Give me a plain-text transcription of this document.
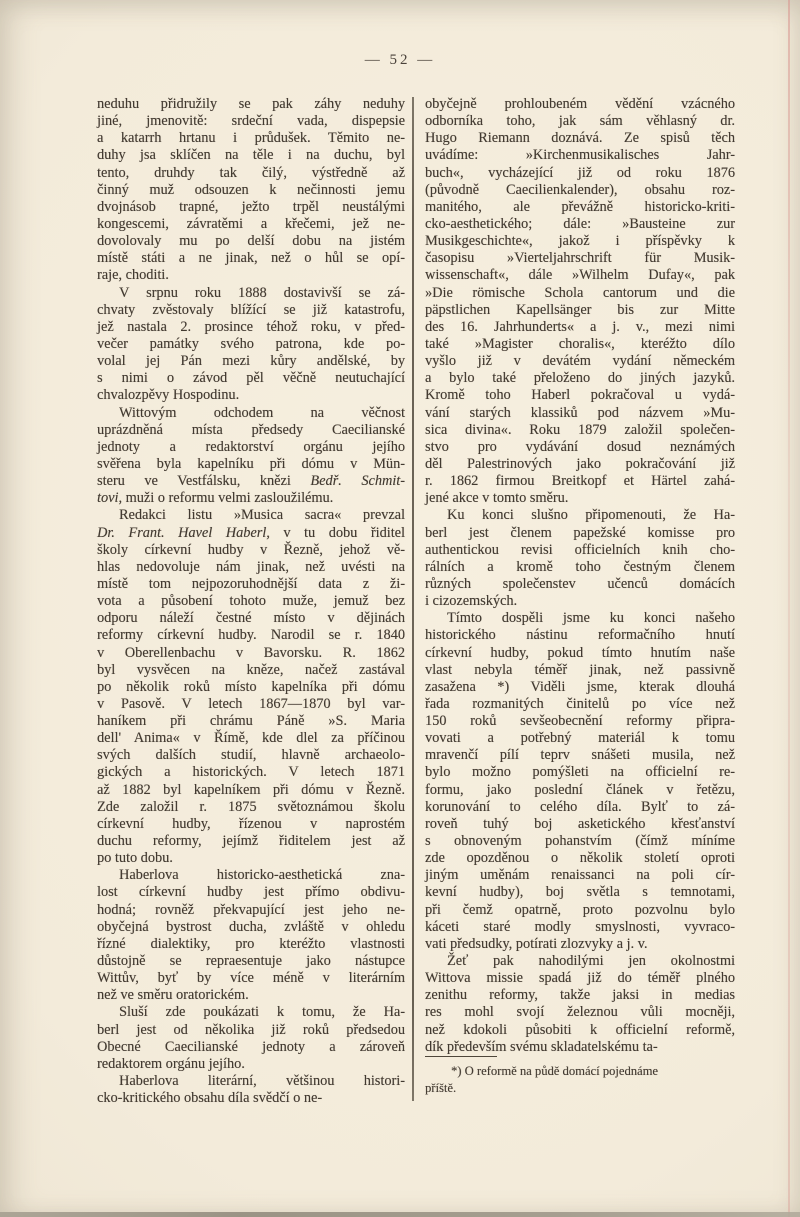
— 52 —
neduhu přidružily se pak záhy neduhy
jiné, jmenovitě: srdeční vada, dispepsie
a katarrh hrtanu i průdušek. Těmito ne-
duhy jsa sklíčen na těle i na duchu, byl
tento, druhdy tak čilý, výstředně až
činný muž odsouzen k nečinnosti jemu
dvojnásob trapné, ježto trpěl neustálými
kongescemi, závratěmi a křečemi, jež ne-
dovolovaly mu po delší dobu na jistém
místě státi a ne jinak, než o hůl se opí-
raje, choditi.
V srpnu roku 1888 dostavivší se zá-
chvaty zvěstovaly blížící se již katastrofu,
jež nastala 2. prosince téhož roku, v před-
večer památky svého patrona, kde po-
volal jej Pán mezi kůry andělské, by
s nimi o závod pěl věčně neutuchající
chvalozpěvy Hospodinu.
Wittovým odchodem na věčnost
uprázdněná místa předsedy Caecilianské
jednoty a redaktorství orgánu jejího
svěřena byla kapelníku při dómu v Mün-
steru ve Vestfálsku, knězi Bedř. Schmit-
tovi, muži o reformu velmi zasloužilému.
Redakci listu »Musica sacra« prevzal
Dr. Frant. Havel Haberl, v tu dobu řiditel
školy církevní hudby v Řezně, jehož vě-
hlas nedovoluje nám jinak, než uvésti na
místě tom nejpozoruhodnější data z ži-
vota a působení tohoto muže, jemuž bez
odporu náleží čestné místo v dějinách
reformy církevní hudby. Narodil se r. 1840
v Oberellenbachu v Bavorsku. R. 1862
byl vysvěcen na kněze, načež zastával
po několik roků místo kapelníka při dómu
v Pasově. V letech 1867—1870 byl var-
haníkem při chrámu Páně »S. Maria
dell' Anima« v Římě, kde dlel za příčinou
svých dalších studií, hlavně archaeolo-
gických a historických. V letech 1871
až 1882 byl kapelníkem při dómu v Řezně.
Zde založil r. 1875 světoznámou školu
církevní hudby, řízenou v naprostém
duchu reformy, jejímž řiditelem jest až
po tuto dobu.
Haberlova historicko-aesthetická zna-
lost církevní hudby jest přímo obdivu-
hodná; rovněž překvapující jest jeho ne-
obyčejná bystrost ducha, zvláště v ohledu
řízné dialektiky, pro kteréžto vlastnosti
důstojně se repraesentuje jako nástupce
Wittův, byť by více méně v literárním
než ve směru oratorickém.
Sluší zde poukázati k tomu, že Ha-
berl jest od několika již roků předsedou
Obecné Caecilianské jednoty a zároveň
redaktorem orgánu jejího.
Haberlova literární, většinou histori-
cko-kritického obsahu díla svědčí o ne-
obyčejně prohloubeném vědění vzácného
odborníka toho, jak sám věhlasný dr.
Hugo Riemann doznává. Ze spisů těch
uvádíme: »Kirchenmusikalisches Jahr-
buch«, vycházející již od roku 1876
(původně Caecilienkalender), obsahu roz-
manitého, ale převážně historicko-kriti-
cko-aesthetického; dále: »Bausteine zur
Musikgeschichte«, jakož i příspěvky k
časopisu »Vierteljahrschrift für Musik-
wissenschaft«, dále »Wilhelm Dufay«, pak
»Die römische Schola cantorum und die
päpstlichen Kapellsänger bis zur Mitte
des 16. Jahrhunderts« a j. v., mezi nimi
také »Magister choralis«, kteréžto dílo
vyšlo již v devátém vydání německém
a bylo také přeloženo do jiných jazyků.
Kromě toho Haberl pokračoval u vydá-
vání starých klassiků pod názvem »Mu-
sica divina«. Roku 1879 založil společen-
stvo pro vydávání dosud neznámých
děl Palestrinových jako pokračování již
r. 1862 firmou Breitkopf et Härtel zahá-
jené akce v tomto směru.
Ku konci slušno připomenouti, že Ha-
berl jest členem papežské komisse pro
authentickou revisi officielních knih cho-
rálních a kromě toho čestným členem
různých společenstev učenců domácích
i cizozemských.
Tímto dospěli jsme ku konci našeho
historického nástinu reformačního hnutí
církevní hudby, pokud tímto hnutím naše
vlast nebyla téměř jinak, než passivně
zasažena *) Viděli jsme, kterak dlouhá
řada rozmanitých činitelů po více než
150 roků sevšeobecnění reformy připra-
vovati a potřebný materiál k tomu
mravenčí pílí teprv snášeti musila, než
bylo možno pomýšleti na officielní re-
formu, jako poslední článek v řetězu,
korunování to celého díla. Bylť to zá-
roveň tuhý boj asketického křesťanství
s obnoveným pohanstvím (čímž míníme
zde opozděnou o několik století oproti
jiným uměnám renaissanci na poli cír-
kevní hudby), boj světla s temnotami,
při čemž opatrně, proto pozvolnu bylo
káceti staré modly smyslnosti, vyvraco-
vati předsudky, potírati zlozvyky a j. v.
Žeť pak nahodilými jen okolnostmi
Wittova missie spadá již do téměř plného
zenithu reformy, takže jaksi in medias
res mohl svojí železnou vůli mocněji,
než kdokoli působiti k officielní reformě,
dík především svému skladatelskému ta-
*) O reformě na půdě domácí pojednáme
příště.
